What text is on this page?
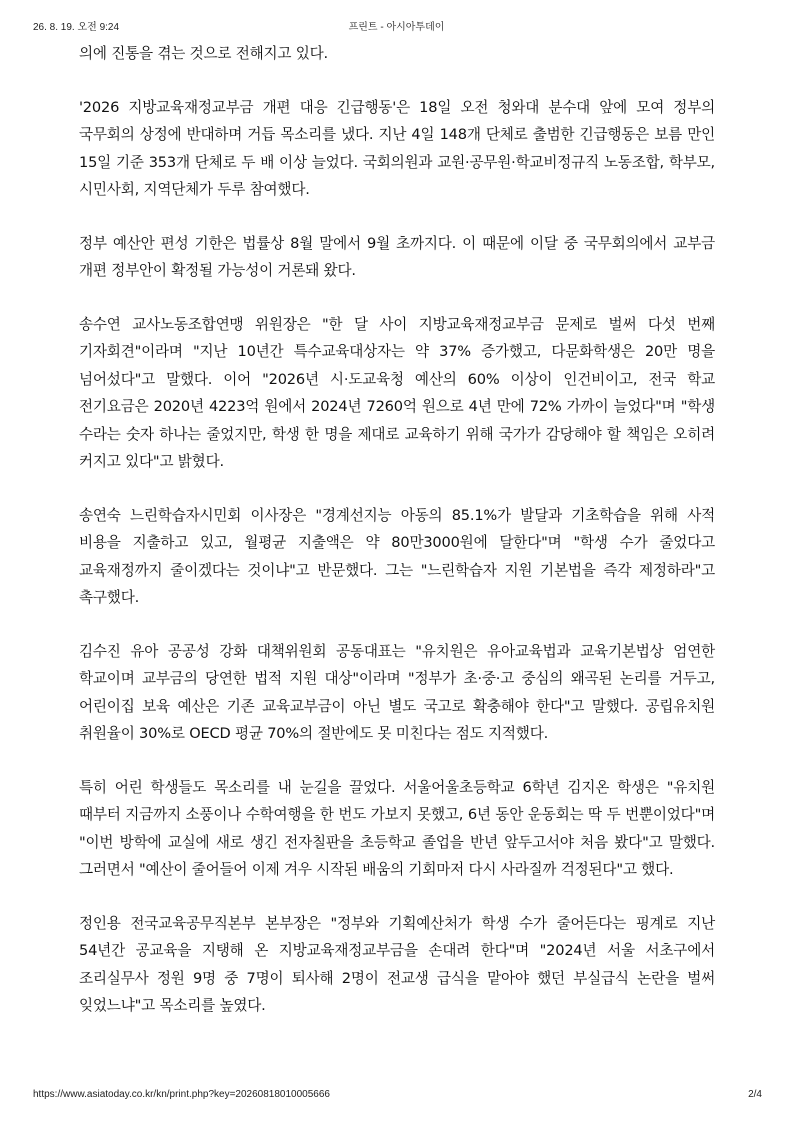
26. 8. 19. 오전 9:24	프린트 - 아시아투데이

의에 진통을 겪는 것으로 전해지고 있다.

'2026 지방교육재정교부금 개편 대응 긴급행동'은 18일 오전 청와대 분수대 앞에 모여 정부의 국무회의 상정에 반대하며 거듭 목소리를 냈다. 지난 4일 148개 단체로 출범한 긴급행동은 보름 만인 15일 기준 353개 단체로 두 배 이상 늘었다. 국회의원과 교원·공무원·학교비정규직 노동조합, 학부모, 시민사회, 지역단체가 두루 참여했다.

정부 예산안 편성 기한은 법률상 8월 말에서 9월 초까지다. 이 때문에 이달 중 국무회의에서 교부금 개편 정부안이 확정될 가능성이 거론돼 왔다.

송수연 교사노동조합연맹 위원장은 "한 달 사이 지방교육재정교부금 문제로 벌써 다섯 번째 기자회견"이라며 "지난 10년간 특수교육대상자는 약 37% 증가했고, 다문화학생은 20만 명을 넘어섰다"고 말했다. 이어 "2026년 시·도교육청 예산의 60% 이상이 인건비이고, 전국 학교 전기요금은 2020년 4223억 원에서 2024년 7260억 원으로 4년 만에 72% 가까이 늘었다"며 "학생 수라는 숫자 하나는 줄었지만, 학생 한 명을 제대로 교육하기 위해 국가가 감당해야 할 책임은 오히려 커지고 있다"고 밝혔다.

송연숙 느린학습자시민회 이사장은 "경계선지능 아동의 85.1%가 발달과 기초학습을 위해 사적 비용을 지출하고 있고, 월평균 지출액은 약 80만3000원에 달한다"며 "학생 수가 줄었다고 교육재정까지 줄이겠다는 것이냐"고 반문했다. 그는 "느린학습자 지원 기본법을 즉각 제정하라"고 촉구했다.

김수진 유아 공공성 강화 대책위원회 공동대표는 "유치원은 유아교육법과 교육기본법상 엄연한 학교이며 교부금의 당연한 법적 지원 대상"이라며 "정부가 초·중·고 중심의 왜곡된 논리를 거두고, 어린이집 보육 예산은 기존 교육교부금이 아닌 별도 국고로 확충해야 한다"고 말했다. 공립유치원 취원율이 30%로 OECD 평균 70%의 절반에도 못 미친다는 점도 지적했다.

특히 어린 학생들도 목소리를 내 눈길을 끌었다. 서울어울초등학교 6학년 김지온 학생은 "유치원 때부터 지금까지 소풍이나 수학여행을 한 번도 가보지 못했고, 6년 동안 운동회는 딱 두 번뿐이었다"며 "이번 방학에 교실에 새로 생긴 전자칠판을 초등학교 졸업을 반년 앞두고서야 처음 봤다"고 말했다. 그러면서 "예산이 줄어들어 이제 겨우 시작된 배움의 기회마저 다시 사라질까 걱정된다"고 했다.

정인용 전국교육공무직본부 본부장은 "정부와 기획예산처가 학생 수가 줄어든다는 핑계로 지난 54년간 공교육을 지탱해 온 지방교육재정교부금을 손대려 한다"며 "2024년 서울 서초구에서 조리실무사 정원 9명 중 7명이 퇴사해 2명이 전교생 급식을 맡아야 했던 부실급식 논란을 벌써 잊었느냐"고 목소리를 높였다.

https://www.asiatoday.co.kr/kn/print.php?key=20260818010005666	2/4
